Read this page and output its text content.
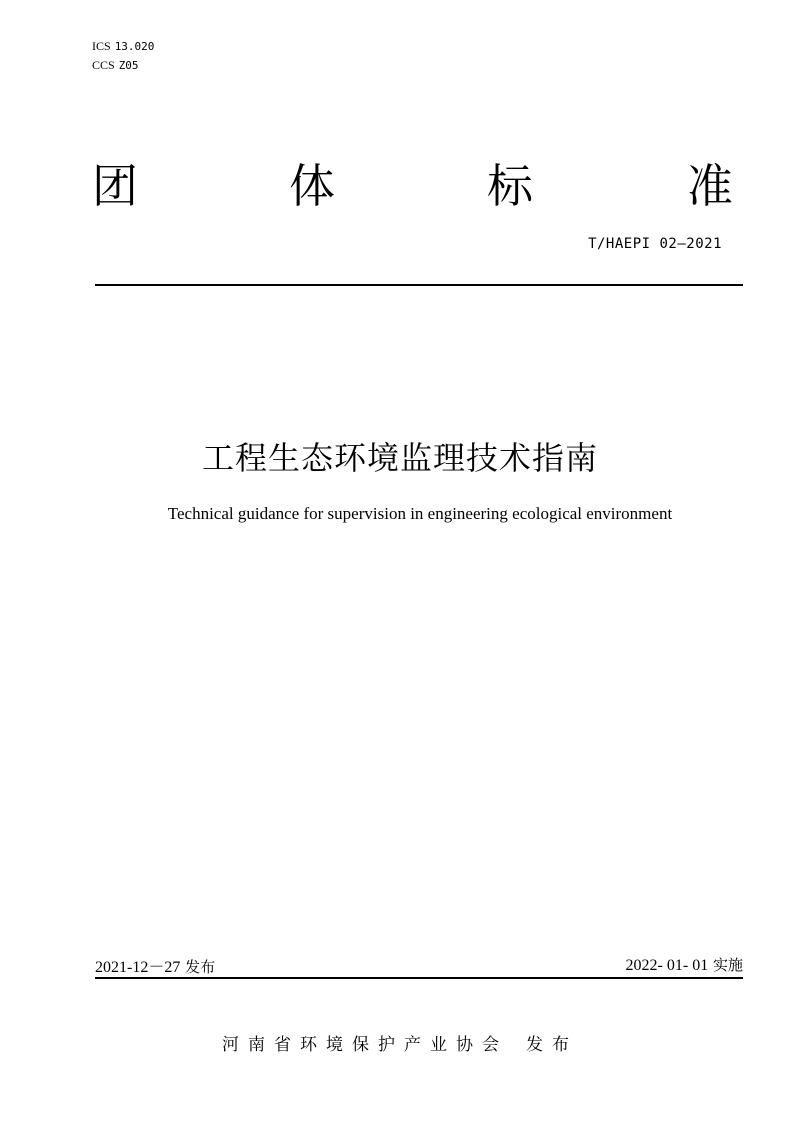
ICS 13.020
CCS Z05
团	体	标	准
T/HAEPI 02—2021
工程生态环境监理技术指南
Technical guidance for supervision in engineering ecological environment
2021-12－27 发布	2022- 01- 01 实施
河南省环境保护产业协会 发布
